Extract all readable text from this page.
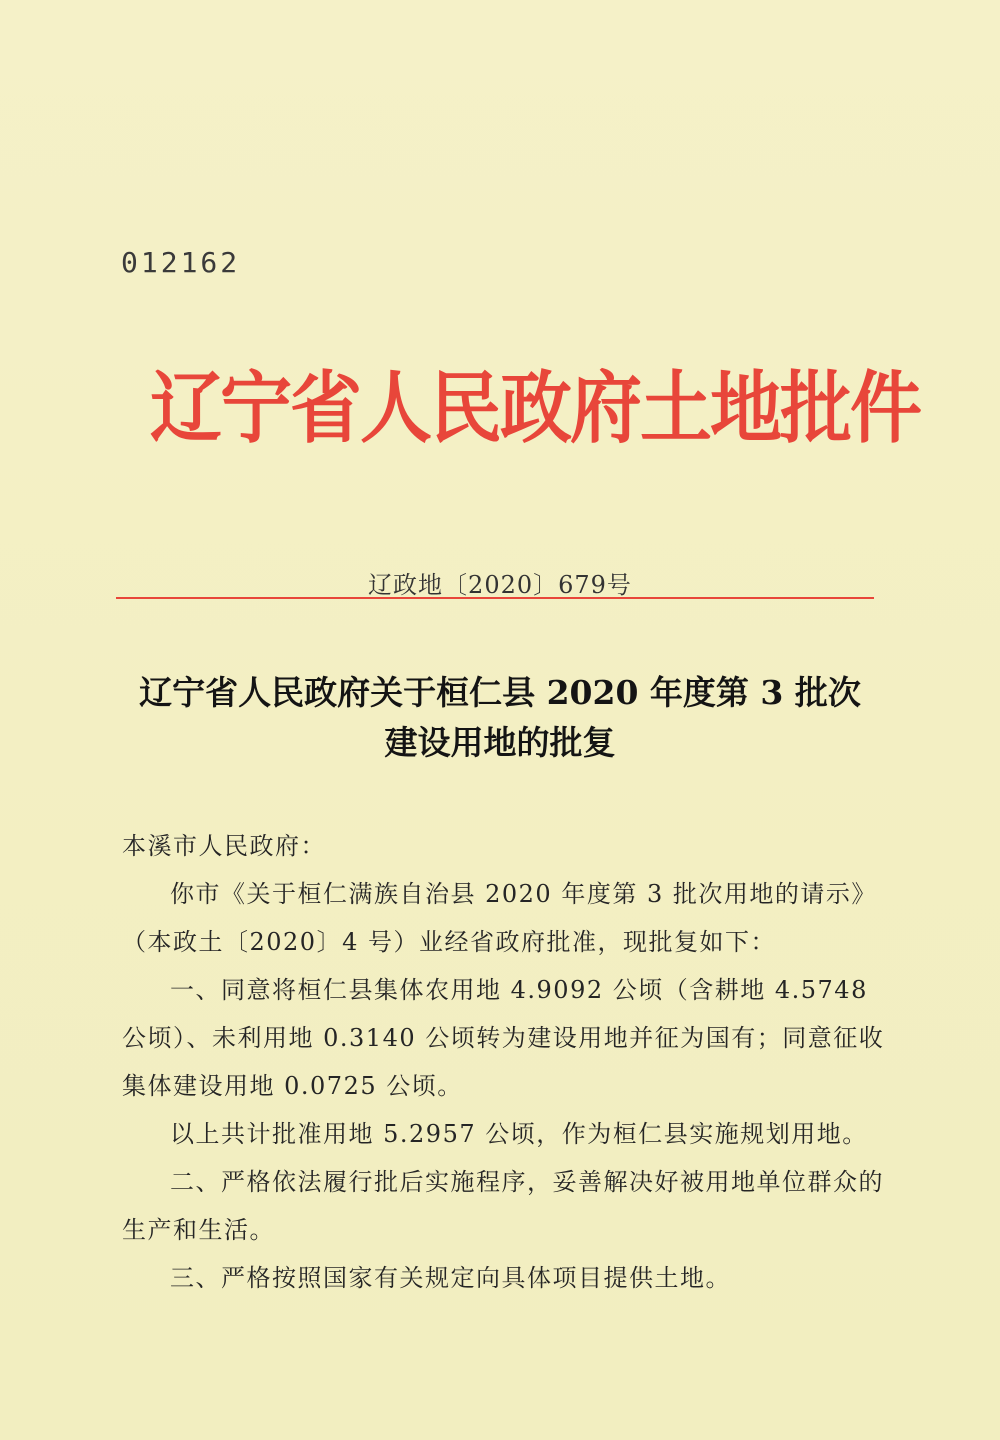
012162
辽宁省人民政府土地批件
辽政地〔2020〕679号
辽宁省人民政府关于桓仁县 2020 年度第 3 批次
建设用地的批复

本溪市人民政府：

你市《关于桓仁满族自治县 2020 年度第 3 批次用地的请示》（本政土〔2020〕4 号）业经省政府批准，现批复如下：

一、同意将桓仁县集体农用地 4.9092 公顷（含耕地 4.5748 公顷）、未利用地 0.3140 公顷转为建设用地并征为国有；同意征收集体建设用地 0.0725 公顷。

以上共计批准用地 5.2957 公顷，作为桓仁县实施规划用地。

二、严格依法履行批后实施程序，妥善解决好被用地单位群众的生产和生活。

三、严格按照国家有关规定向具体项目提供土地。
